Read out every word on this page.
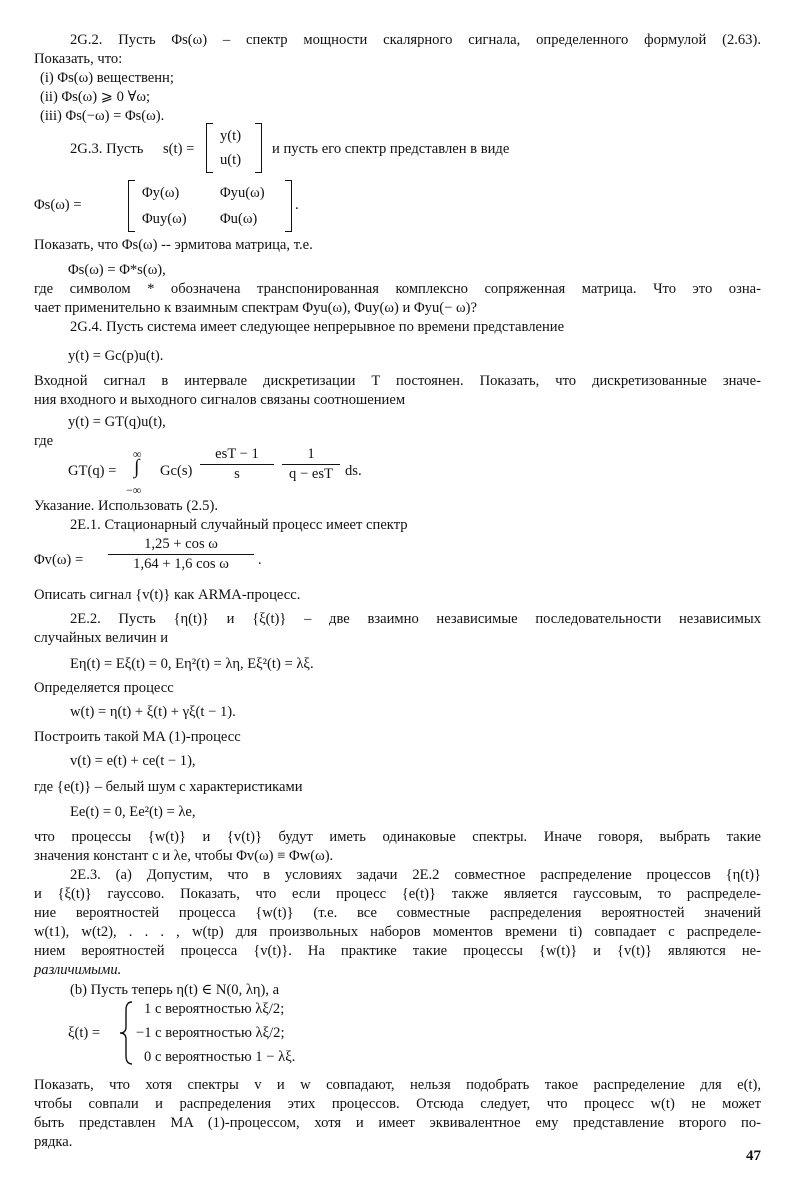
2G.2. Пусть Φs(ω) – спектр мощности скалярного сигнала, определенного формулой (2.63).
Показать, что:
(i) Φs(ω) вещественн;
(ii) Φs(ω) ⩾ 0 ∀ω;
(iii) Φs(−ω) = Φs(ω).
2G.3. Пусть s(t) =
y(t)
u(t)
и пусть его спектр представлен в виде
Φs(ω) =
Φy(ω)	Φyu(ω)
Φuy(ω) Φu(ω)
.
Показать, что Φs(ω) -- эрмитова матрица, т.е.
Φs(ω) = Φ*s(ω),
где символом * обозначена транспонированная комплексно сопряженная матрица. Что это озна-
чает применительно к взаимным спектрам Φyu(ω), Φuy(ω) и Φyu(− ω)?
2G.4. Пусть система имеет следующее непрерывное по времени представление
y(t) = Gc(p)u(t).
Входной сигнал в интервале дискретизации T постоянен. Показать, что дискретизованные значе-
ния входного и выходного сигналов связаны соотношением
y(t) = GT(q)u(t),
где
GT(q) =
∞
∫
−∞
Gc(s)
esT − 1
s
1
q − esT ds.
Указание. Использовать (2.5).
2E.1. Стационарный случайный процесс имеет спектр
$\Phi v(\omega) = \frac{\text{1,25 + cos ω}}{\text{1,64 + 1,6 cos ω}}$ .
Описать сигнал {v(t)} как ARMA-процесс.
2E.2. Пусть {η(t)} и {ξ(t)} – две взаимно независимые последовательности независимых
случайных величин и
Eη(t) = Eξ(t) = 0, Eη²(t) = λη, Eξ²(t) = λξ.
Определяется процесс
w(t) = η(t) + ξ(t) + γξ(t − 1).
Построить такой MA (1)-процесс
v(t) = e(t) + ce(t − 1),
где {e(t)} – белый шум с характеристиками
Ee(t) = 0, Ee²(t) = λe,
что процессы {w(t)} и {v(t)} будут иметь одинаковые спектры. Иначе говоря, выбрать такие
значения констант c и λe, чтобы Φv(ω) ≡ Φw(ω).
2E.3. (a) Допустим, что в условиях задачи 2E.2 совместное распределение процессов {η(t)}
и {ξ(t)} гауссово. Показать, что если процесс {e(t)} также является гауссовым, то распределе-
ние вероятностей процесса {w(t)} (т.е. все совместные распределения вероятностей значений
w(t1), w(t2), . . . , w(tp) для произвольных наборов моментов времени ti) совпадает с распределе-
нием вероятностей процесса {v(t)}. На практике такие процессы {w(t)} и {v(t)} являются не-
различимыми.
(b) Пусть теперь η(t) ∈ N(0, λη), а
ξ(t) =
1 с вероятностью λξ/2;
−1 с вероятностью λξ/2;
0 с вероятностью 1 − λξ.
Показать, что хотя спектры v и w совпадают, нельзя подобрать такое распределение для e(t),
чтобы совпали и распределения этих процессов. Отсюда следует, что процесс w(t) не может
быть представлен MA (1)-процессом, хотя и имеет эквивалентное ему представление второго по-
рядка.
47
